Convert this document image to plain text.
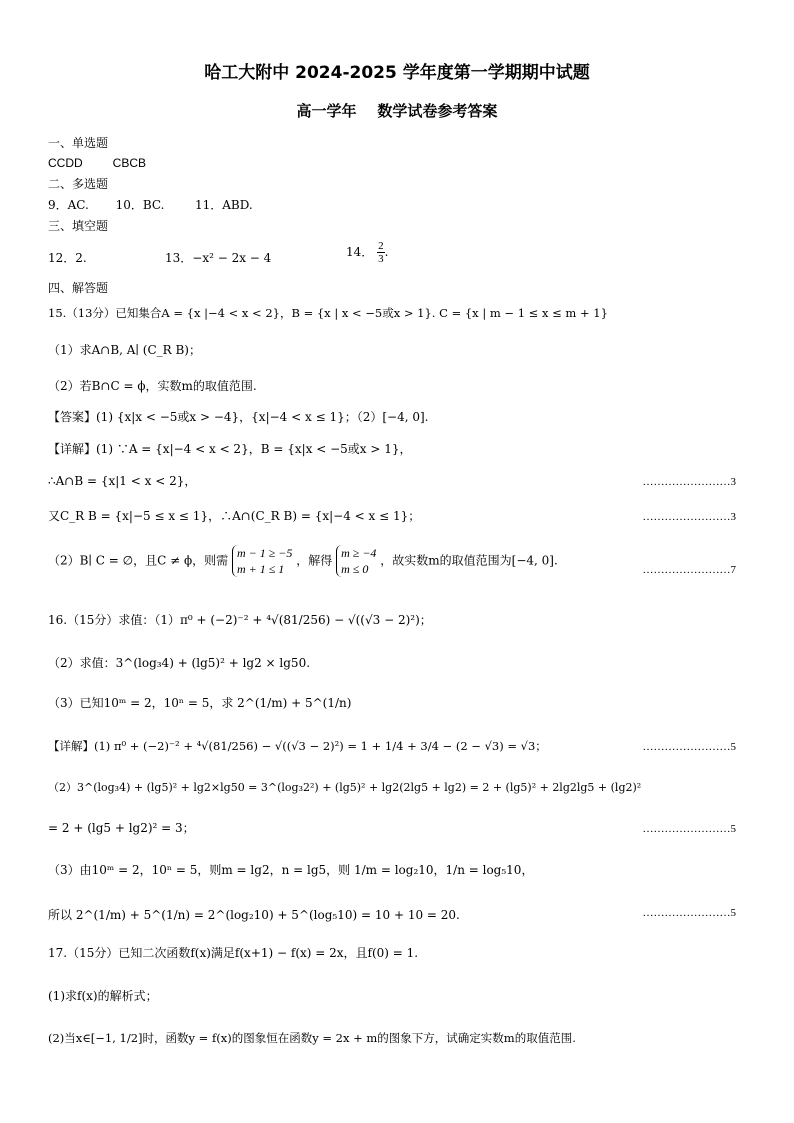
哈工大附中 2024-2025 学年度第一学期期中试题
高一学年    数学试卷参考答案
一、单选题
CCDD         CBCB
二、多选题
9．AC.       10．BC.        11．ABD.
三、填空题
12．2.	13．−x² − 2x − 4	14． $\frac{2}{3}$ .
四、解答题
15.（13分）已知集合A = {x |−4 < x < 2}，B = {x | x < −5或x > 1}. C = {x | m − 1 ≤ x ≤ m + 1}
（1）求A∩B, A∣ (C_R B)；
（2）若B∩C = ϕ，实数m的取值范围.
【答案】(1) {x|x < −5或x > −4}，{x|−4 < x ≤ 1}；（2）[−4, 0].
【详解】(1) ∵A = {x|−4 < x < 2}，B = {x|x < −5或x > 1}，
∴A∩B = {x|1 < x < 2}，	……………………3
又C_R B = {x|−5 ≤ x ≤ 1}，∴A∩(C_R B) = {x|−4 < x ≤ 1}；	……………………3
（2）B∣ C = ∅，且C ≠ ϕ，则需
m − 1 ≥ −5
m + 1 ≤ 1
，解得
m ≥ −4
m ≤ 0
，故实数m的取值范围为[−4, 0].
……………………7
16.（15分）求值：（1）π⁰ + (−2)⁻² + ⁴√(81/256) − √((√3 − 2)²)；
（2）求值：3^(log₃4) + (lg5)² + lg2 × lg50.
（3）已知10ᵐ = 2，10ⁿ = 5，求 2^(1/m) + 5^(1/n)
【详解】(1) π⁰ + (−2)⁻² + ⁴√(81/256) − √((√3 − 2)²) = 1 + 1/4 + 3/4 − (2 − √3) = √3；	……………………5
（2）3^(log₃4) + (lg5)² + lg2×lg50 = 3^(log₃2²) + (lg5)² + lg2(2lg5 + lg2) = 2 + (lg5)² + 2lg2lg5 + (lg2)²
= 2 + (lg5 + lg2)² = 3；	……………………5
（3）由10ᵐ = 2，10ⁿ = 5，则m = lg2，n = lg5，则 1/m = log₂10，1/n = log₅10，
所以 2^(1/m) + 5^(1/n) = 2^(log₂10) + 5^(log₅10) = 10 + 10 = 20.	……………………5
17.（15分）已知二次函数f(x)满足f(x+1) − f(x) = 2x，且f(0) = 1.
(1)求f(x)的解析式；
(2)当x∈[−1, 1/2]时，函数y = f(x)的图象恒在函数y = 2x + m的图象下方，试确定实数m的取值范围.
